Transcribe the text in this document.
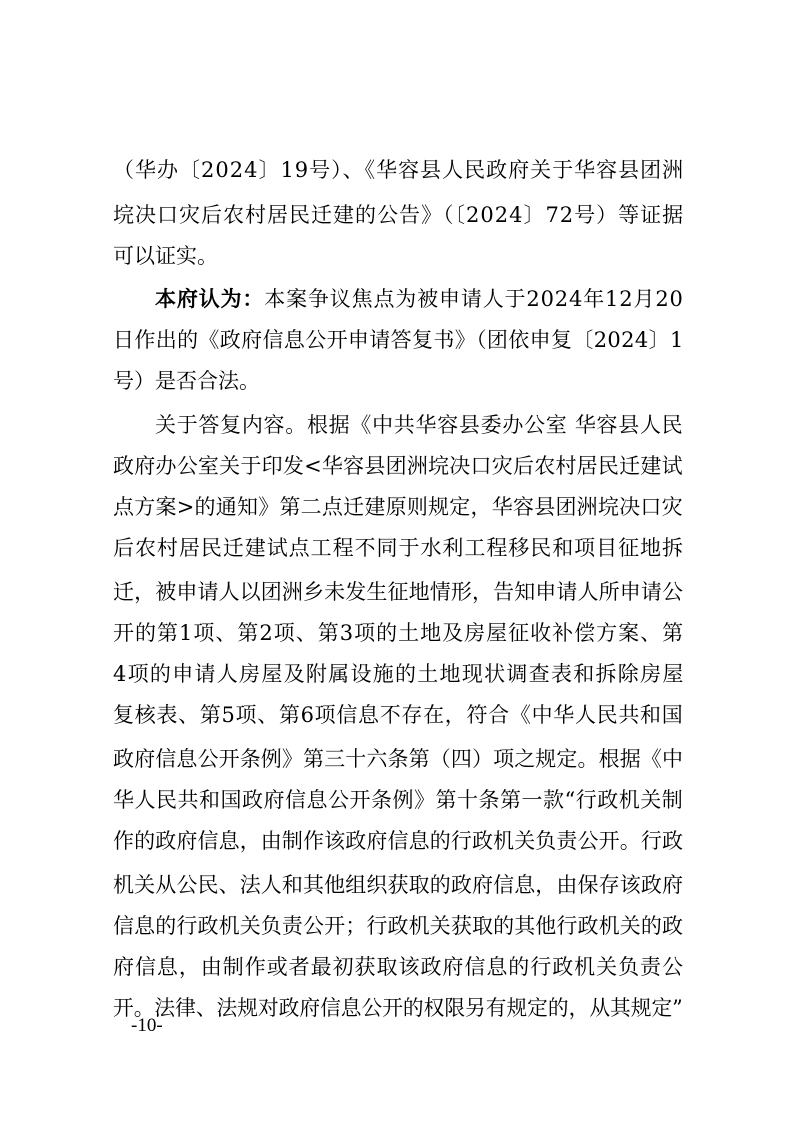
（华办〔2024〕19号）、《华容县人民政府关于华容县团洲
垸决口灾后农村居民迁建的公告》（〔2024〕72号）等证据
可以证实。
本府认为：本案争议焦点为被申请人于2024年12月20
日作出的《政府信息公开申请答复书》（团依申复〔2024〕1
号）是否合法。
关于答复内容。根据《中共华容县委办公室 华容县人民
政府办公室关于印发<华容县团洲垸决口灾后农村居民迁建试
点方案>的通知》第二点迁建原则规定，华容县团洲垸决口灾
后农村居民迁建试点工程不同于水利工程移民和项目征地拆
迁，被申请人以团洲乡未发生征地情形，告知申请人所申请公
开的第1项、第2项、第3项的土地及房屋征收补偿方案、第
4项的申请人房屋及附属设施的土地现状调查表和拆除房屋
复核表、第5项、第6项信息不存在，符合《中华人民共和国
政府信息公开条例》第三十六条第（四）项之规定。根据《中
华人民共和国政府信息公开条例》第十条第一款“行政机关制
作的政府信息，由制作该政府信息的行政机关负责公开。行政
机关从公民、法人和其他组织获取的政府信息，由保存该政府
信息的行政机关负责公开；行政机关获取的其他行政机关的政
府信息，由制作或者最初获取该政府信息的行政机关负责公
开。法律、法规对政府信息公开的权限另有规定的，从其规定”
-10-
